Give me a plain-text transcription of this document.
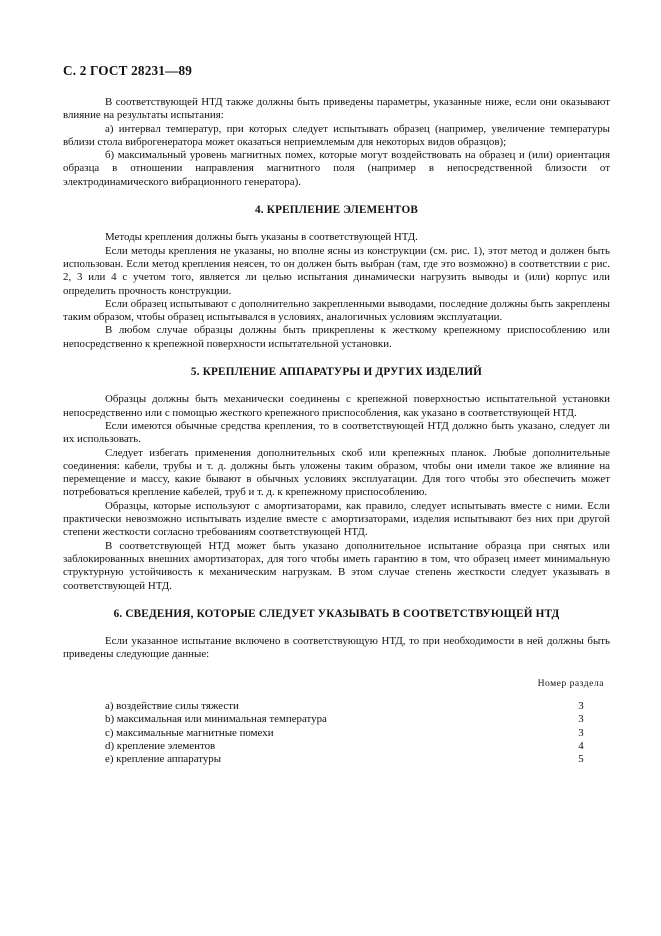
С. 2 ГОСТ 28231—89

В соответствующей НТД также должны быть приведены параметры, указанные ниже, если они оказывают влияние на результаты испытания:

а) интервал температур, при которых следует испытывать образец (например, увеличение температуры вблизи стола виброгенератора может оказаться неприемлемым для некоторых видов образцов);

б) максимальный уровень магнитных помех, которые могут воздействовать на образец и (или) ориентация образца в отношении направления магнитного поля (например в непосредственной близости от электродинамического вибрационного генератора).

4. КРЕПЛЕНИЕ ЭЛЕМЕНТОВ

Методы крепления должны быть указаны в соответствующей НТД.

Если методы крепления не указаны, но вполне ясны из конструкции (см. рис. 1), этот метод и должен быть использован. Если метод крепления неясен, то он должен быть выбран (там, где это возможно) в соответствии с рис. 2, 3 или 4 с учетом того, является ли целью испытания динамически нагрузить выводы и (или) корпус или определить прочность конструкции.

Если образец испытывают с дополнительно закрепленными выводами, последние должны быть закреплены таким образом, чтобы образец испытывался в условиях, аналогичных условиям эксплуатации.

В любом случае образцы должны быть прикреплены к жесткому крепежному приспособлению или непосредственно к крепежной поверхности испытательной установки.

5. КРЕПЛЕНИЕ АППАРАТУРЫ И ДРУГИХ ИЗДЕЛИЙ

Образцы должны быть механически соединены с крепежной поверхностью испытательной установки непосредственно или с помощью жесткого крепежного приспособления, как указано в соответствующей НТД.

Если имеются обычные средства крепления, то в соответствующей НТД должно быть указано, следует ли их использовать.

Следует избегать применения дополнительных скоб или крепежных планок. Любые дополнительные соединения: кабели, трубы и т. д. должны быть уложены таким образом, чтобы они имели такое же влияние на перемещение и массу, какие бывают в обычных условиях эксплуатации. Для того чтобы это обеспечить может потребоваться крепление кабелей, труб и т. д. к крепежному приспособлению.

Образцы, которые используют с амортизаторами, как правило, следует испытывать вместе с ними. Если практически невозможно испытывать изделие вместе с амортизаторами, изделия испытывают без них при другой степени жесткости согласно требованиям соответствующей НТД.

В соответствующей НТД может быть указано дополнительное испытание образца при снятых или заблокированных внешних амортизаторах, для того чтобы иметь гарантию в том, что образец имеет минимальную структурную устойчивость к механическим нагрузкам. В этом случае степень жесткости следует указывать в соответствующей НТД.

6. СВЕДЕНИЯ, КОТОРЫЕ СЛЕДУЕТ УКАЗЫВАТЬ В СООТВЕТСТВУЮЩЕЙ НТД

Если указанное испытание включено в соответствующую НТД, то при необходимости в ней должны быть приведены следующие данные:

Номер раздела
a) воздействие силы тяжести	3
b) максимальная или минимальная температура	3
c) максимальные магнитные помехи	3
d) крепление элементов	4
e) крепление аппаратуры	5
